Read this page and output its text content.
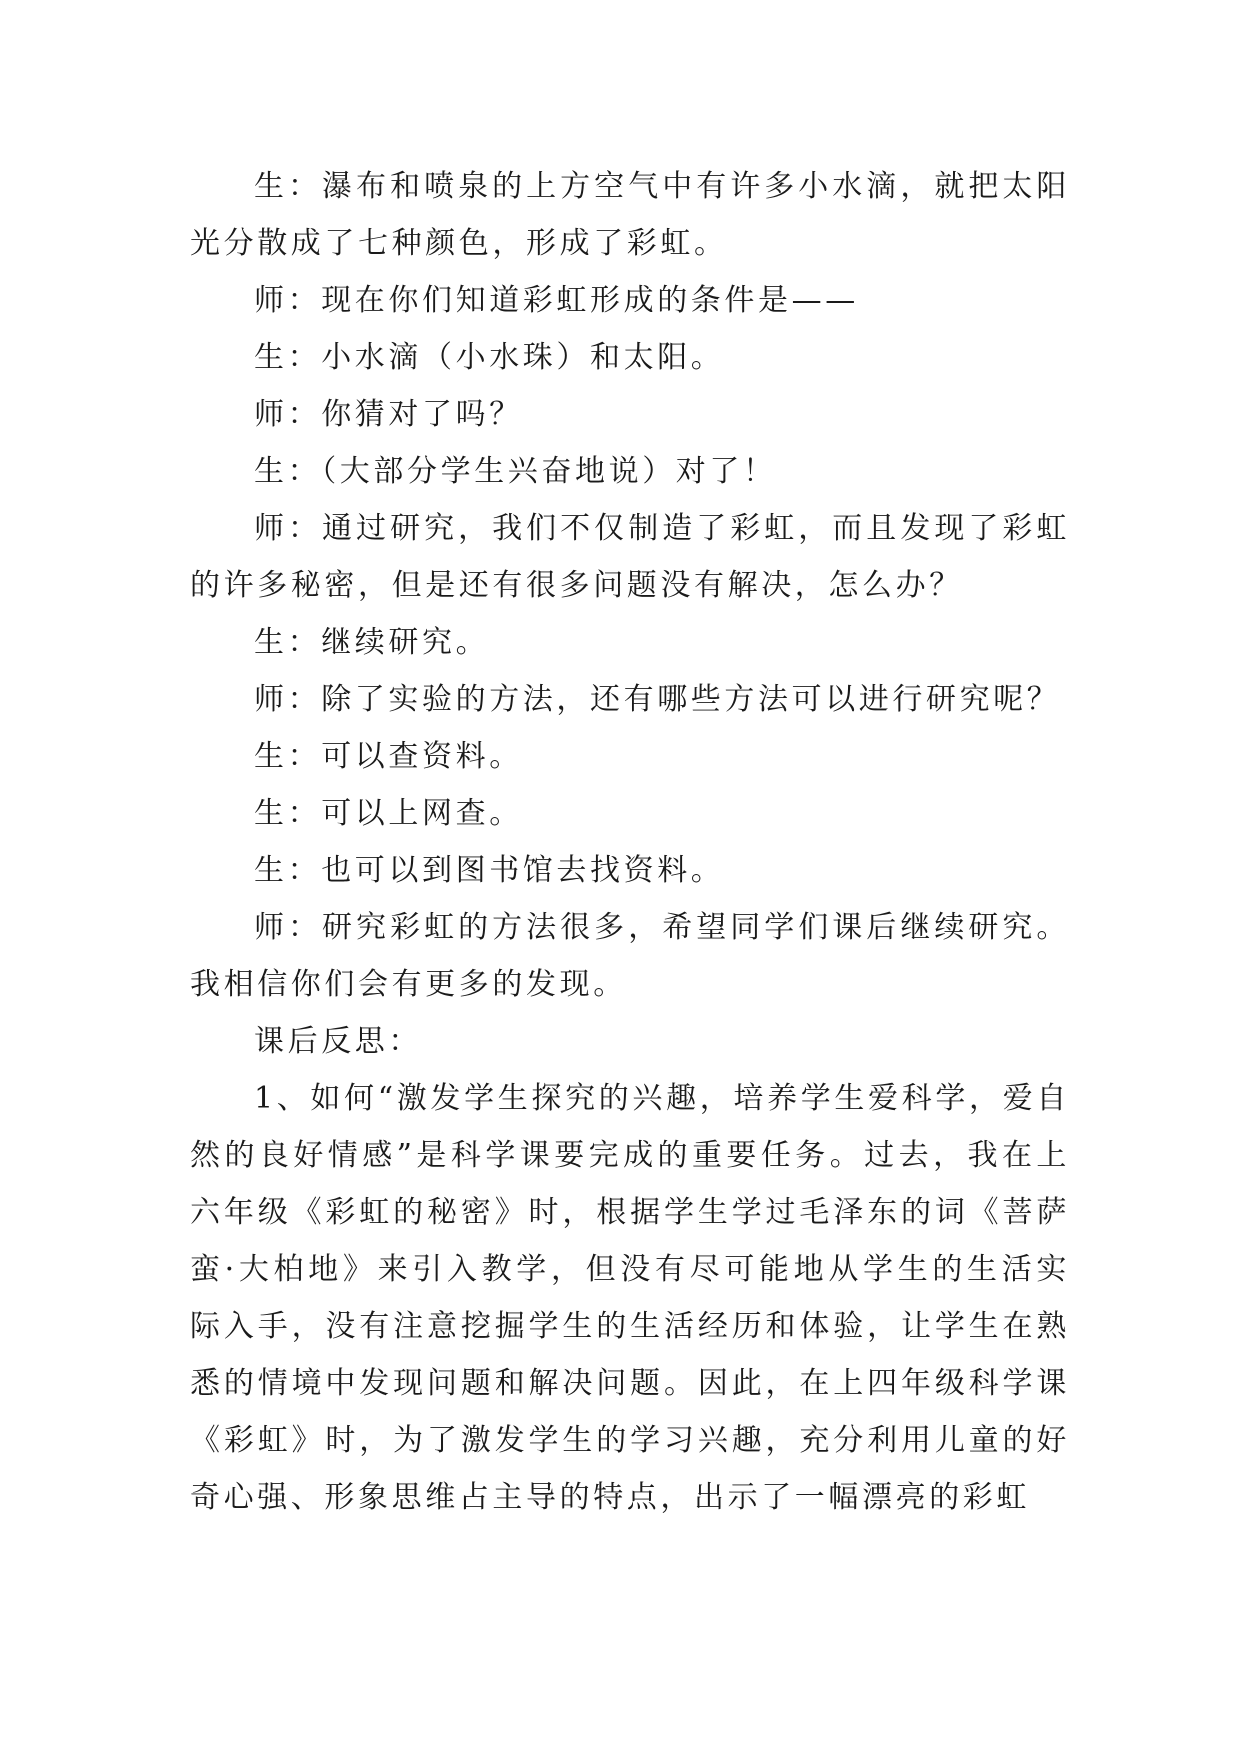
生：瀑布和喷泉的上方空气中有许多小水滴，就把太阳光分散成了七种颜色，形成了彩虹。

师：现在你们知道彩虹形成的条件是——

生：小水滴（小水珠）和太阳。

师：你猜对了吗？

生：（大部分学生兴奋地说）对了！

师：通过研究，我们不仅制造了彩虹，而且发现了彩虹的许多秘密，但是还有很多问题没有解决，怎么办？

生：继续研究。

师：除了实验的方法，还有哪些方法可以进行研究呢？

生：可以查资料。

生：可以上网查。

生：也可以到图书馆去找资料。

师：研究彩虹的方法很多，希望同学们课后继续研究。我相信你们会有更多的发现。

课后反思：

1、如何“激发学生探究的兴趣，培养学生爱科学，爱自然的良好情感”是科学课要完成的重要任务。过去，我在上六年级《彩虹的秘密》时，根据学生学过毛泽东的词《菩萨蛮·大柏地》来引入教学，但没有尽可能地从学生的生活实际入手，没有注意挖掘学生的生活经历和体验，让学生在熟悉的情境中发现问题和解决问题。因此，在上四年级科学课《彩虹》时，为了激发学生的学习兴趣，充分利用儿童的好奇心强、形象思维占主导的特点，出示了一幅漂亮的彩虹
